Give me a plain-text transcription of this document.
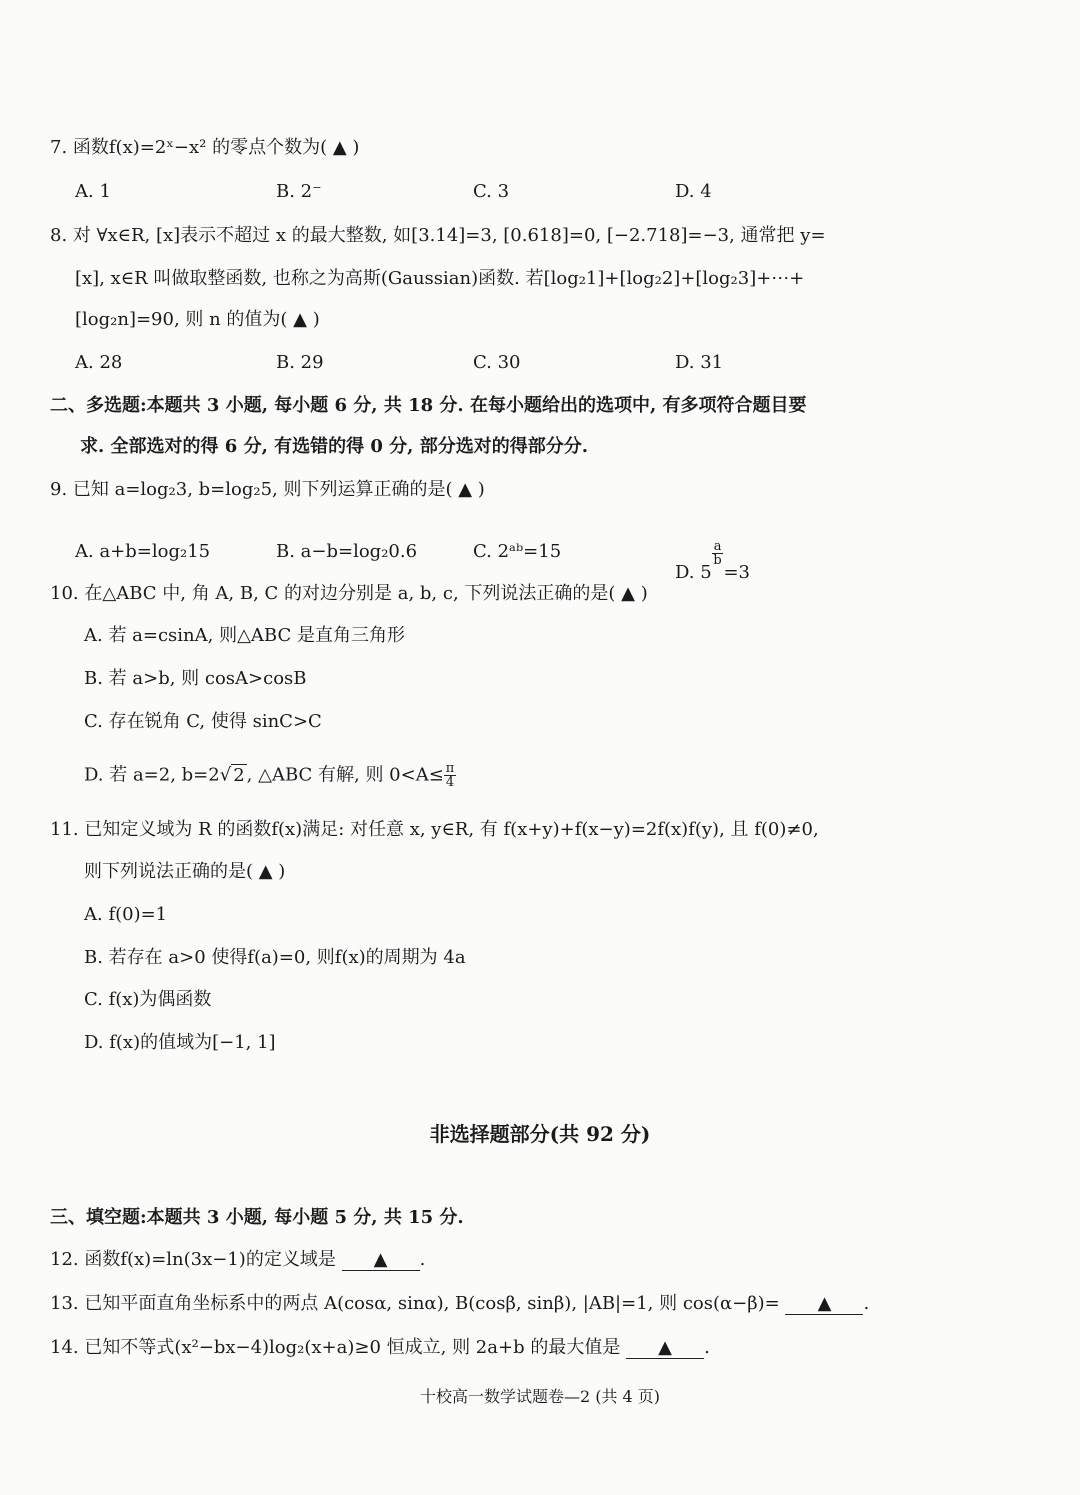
7. 函数f(x)=2ˣ−x² 的零点个数为( ▲ )
A. 1	B. 2⁻	C. 3	D. 4
8. 对 ∀x∈R, [x]表示不超过 x 的最大整数, 如[3.14]=3, [0.618]=0, [−2.718]=−3, 通常把 y=
[x], x∈R 叫做取整函数, 也称之为高斯(Gaussian)函数. 若[log₂1]+[log₂2]+[log₂3]+⋯+
[log₂n]=90, 则 n 的值为( ▲ )
A. 28	B. 29	C. 30	D. 31
二、多选题:本题共 3 小题, 每小题 6 分, 共 18 分. 在每小题给出的选项中, 有多项符合题目要
求. 全部选对的得 6 分, 有选错的得 0 分, 部分选对的得部分分.
9. 已知 a=log₂3, b=log₂5, 则下列运算正确的是( ▲ )
A. a+b=log₂15	B. a−b=log₂0.6	C. 2ᵃᵇ=15
D. 5
$\frac{a}{b}$
=3
10. 在△ABC 中, 角 A, B, C 的对边分别是 a, b, c, 下列说法正确的是( ▲ )
A. 若 a=csinA, 则△ABC 是直角三角形
B. 若 a>b, 则 cosA>cosB
C. 存在锐角 C, 使得 sinC>C
D. 若 a=2, b=2√ 2 , △ABC 有解, 则 $0<A\le \frac{\pi}{4}$
11. 已知定义域为 R 的函数f(x)满足: 对任意 x, y∈R, 有 f(x+y)+f(x−y)=2f(x)f(y), 且 f(0)≠0,
则下列说法正确的是( ▲ )
A. f(0)=1
B. 若存在 a>0 使得f(a)=0, 则f(x)的周期为 4a
C. f(x)为偶函数
D. f(x)的值域为[−1, 1]
非选择题部分(共 92 分)
三、填空题:本题共 3 小题, 每小题 5 分, 共 15 分.
12. 函数f(x)=ln(3x−1)的定义域是 ▲ .
13. 已知平面直角坐标系中的两点 A(cosα, sinα), B(cosβ, sinβ), |AB|=1, 则 cos(α−β)= ▲ .
14. 已知不等式(x²−bx−4)log₂(x+a)≥0 恒成立, 则 2a+b 的最大值是 ▲ .
十校高一数学试题卷—2 (共 4 页)
